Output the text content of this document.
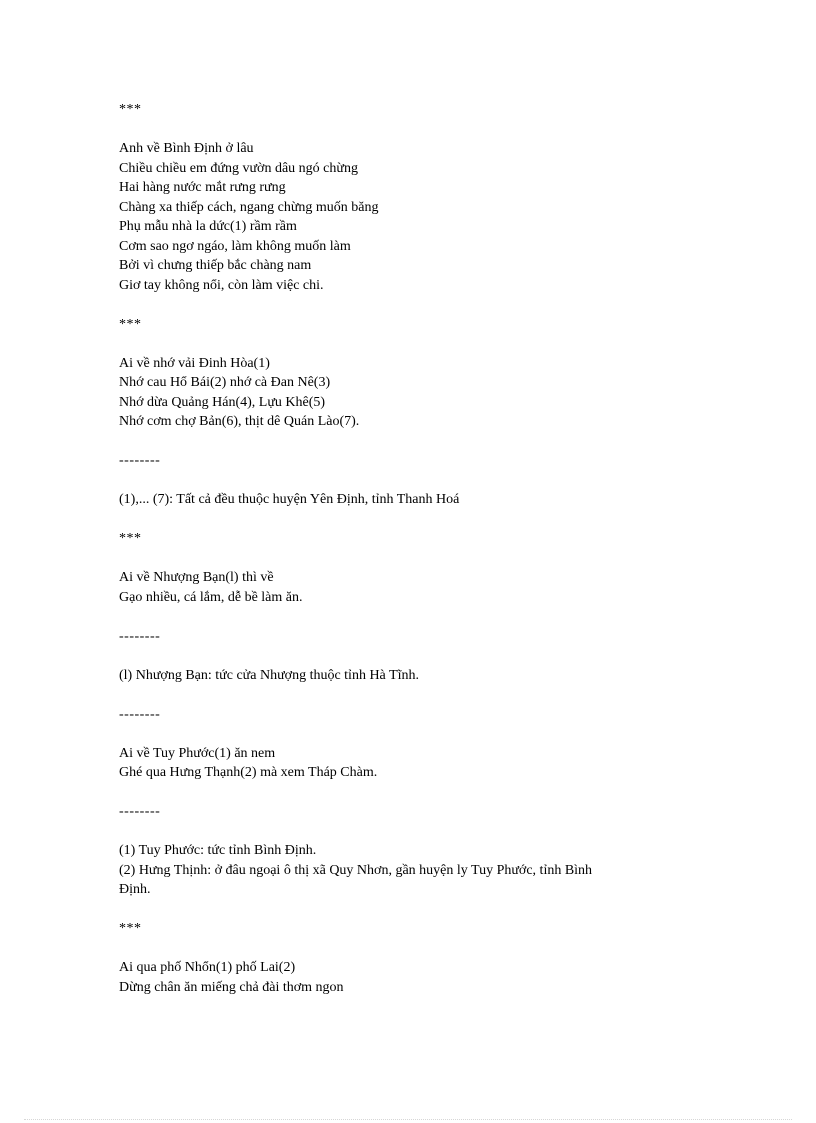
***
Anh về Bình Định ở lâu
Chiều chiều em đứng vườn dâu ngó chừng
Hai hàng nước mắt rưng rưng
Chàng xa thiếp cách, ngang chừng muốn băng
Phụ mẫu nhà la dức(1) rầm rầm
Cơm sao ngơ ngáo, làm không muốn làm
Bởi vì chưng thiếp bắc chàng nam
Giơ tay không nổi, còn làm việc chi.
***
Ai về nhớ vải Đinh Hòa(1)
Nhớ cau Hổ Bái(2) nhớ cà Đan Nê(3)
Nhớ dừa Quảng Hán(4), Lựu Khê(5)
Nhớ cơm chợ Bản(6), thịt dê Quán Lào(7).
--------
(1),... (7): Tất cả đều thuộc huyện Yên Định, tỉnh Thanh Hoá
***
Ai về Nhượng Bạn(l) thì về
Gạo nhiều, cá lắm, dễ bề làm ăn.
--------
(l) Nhượng Bạn: tức cửa Nhượng thuộc tỉnh Hà Tĩnh.
--------
Ai về Tuy Phước(1) ăn nem
Ghé qua Hưng Thạnh(2) mà xem Tháp Chàm.
--------
(1) Tuy Phước: tức tỉnh Bình Định.
(2) Hưng Thịnh: ở đâu ngoại ô thị xã Quy Nhơn, gần huyện ly Tuy Phước, tỉnh Bình
Định.
***
Ai qua phố Nhổn(1) phố Lai(2)
Dừng chân ăn miếng chả đài thơm ngon
